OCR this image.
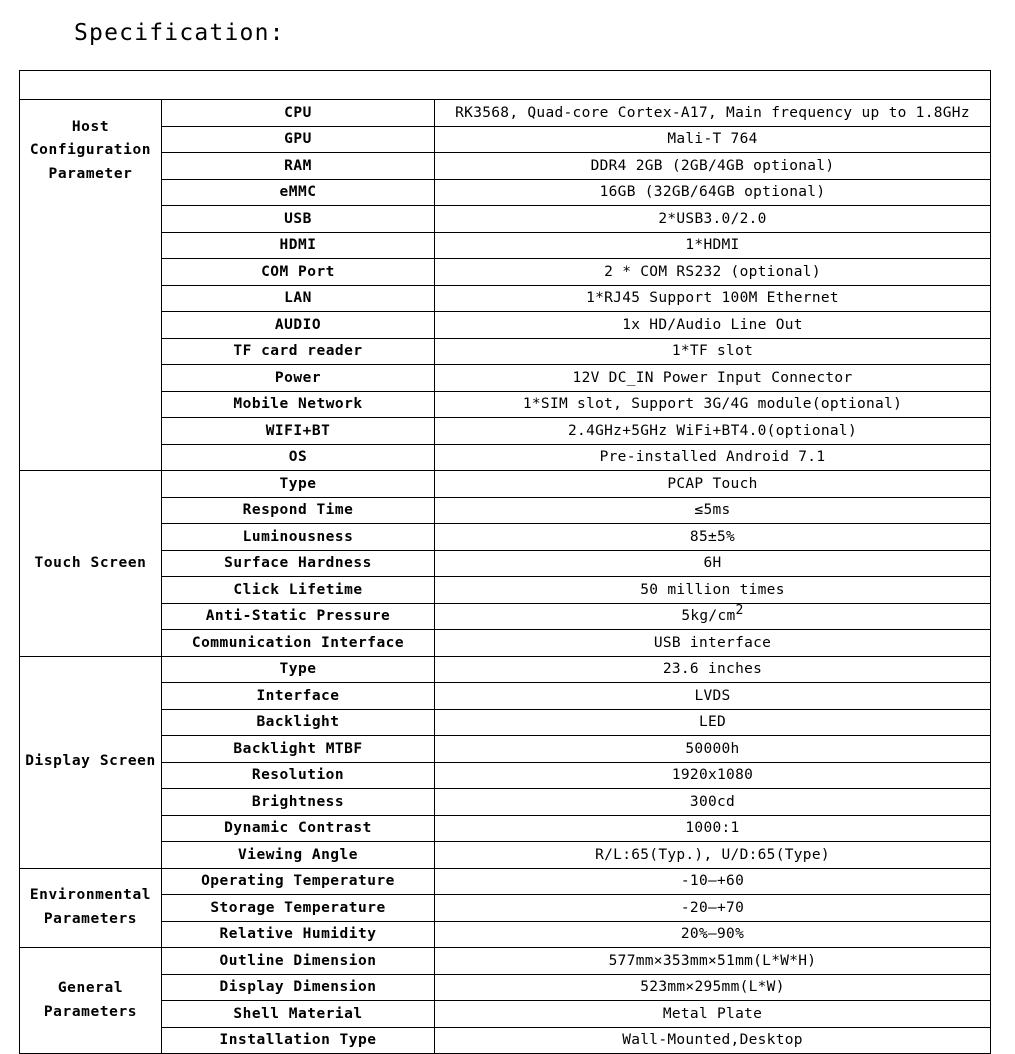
Specification:

Host Configuration Parameter	CPU	RK3568, Quad-core Cortex-A17, Main frequency up to 1.8GHz
	GPU	Mali-T 764
	RAM	DDR4 2GB (2GB/4GB optional)
	eMMC	16GB (32GB/64GB optional)
	USB	2*USB3.0/2.0
	HDMI	1*HDMI
	COM Port	2 * COM RS232 (optional)
	LAN	1*RJ45 Support 100M Ethernet
	AUDIO	1x HD/Audio Line Out
	TF card reader	1*TF slot
	Power	12V DC_IN Power Input Connector
	Mobile Network	1*SIM slot, Support 3G/4G module(optional)
	WIFI+BT	2.4GHz+5GHz WiFi+BT4.0(optional)
	OS	Pre-installed Android 7.1
Touch Screen	Type	PCAP Touch
	Respond Time	≤5ms
	Luminousness	85±5%
	Surface Hardness	6H
	Click Lifetime	50 million times
	Anti-Static Pressure	$5kg/cm^2$
	Communication Interface	USB interface
Display Screen	Type	23.6 inches
	Interface	LVDS
	Backlight	LED
	Backlight MTBF	50000h
	Resolution	1920x1080
	Brightness	300cd
	Dynamic Contrast	1000:1
	Viewing Angle	R/L:65(Typ.), U/D:65(Type)
Environmental Parameters	Operating Temperature	-10—+60
	Storage Temperature	-20—+70
	Relative Humidity	20%—90%
General Parameters	Outline Dimension	577mm×353mm×51mm(L*W*H)
	Display Dimension	523mm×295mm(L*W)
	Shell Material	Metal Plate
	Installation Type	Wall-Mounted,Desktop
